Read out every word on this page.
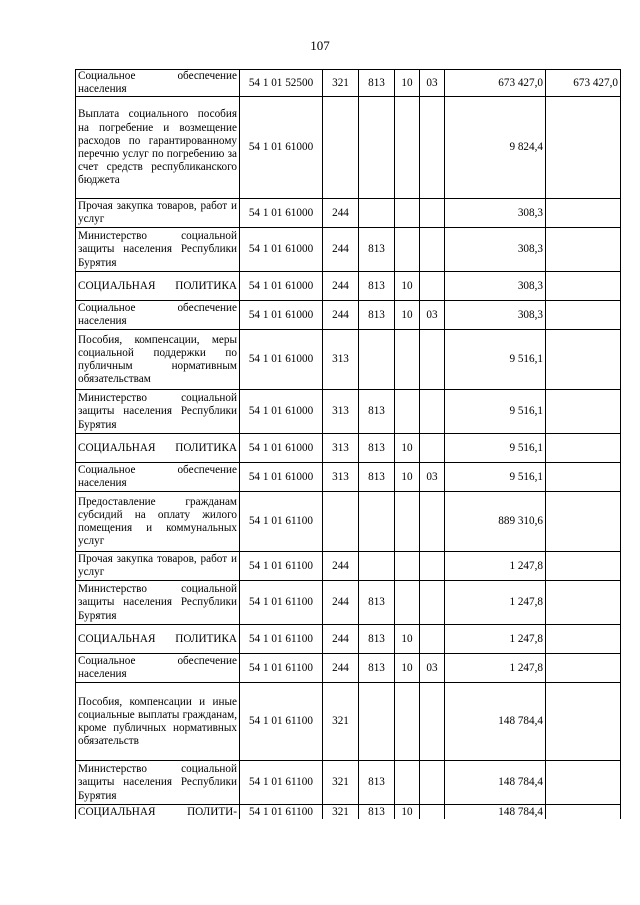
107
Социальное обеспечение населения	54 1 01 52500	321	813	10	03	673 427,0	673 427,0
Выплата социального пособия на погребение и возмещение расходов по гарантированному перечню услуг по погребению за счет средств республиканского бюджета	54 1 01 61000					9 824,4	
Прочая закупка товаров, работ и услуг	54 1 01 61000	244				308,3	
Министерство социальной защиты населения Республики Бурятия	54 1 01 61000	244	813			308,3	
СОЦИАЛЬНАЯ ПОЛИТИКА	54 1 01 61000	244	813	10		308,3	
Социальное обеспечение населения	54 1 01 61000	244	813	10	03	308,3	
Пособия, компенсации, меры социальной поддержки по публичным нормативным обязательствам	54 1 01 61000	313				9 516,1	
Министерство социальной защиты населения Республики Бурятия	54 1 01 61000	313	813			9 516,1	
СОЦИАЛЬНАЯ ПОЛИТИКА	54 1 01 61000	313	813	10		9 516,1	
Социальное обеспечение населения	54 1 01 61000	313	813	10	03	9 516,1	
Предоставление гражданам субсидий на оплату жилого помещения и коммунальных услуг	54 1 01 61100					889 310,6	
Прочая закупка товаров, работ и услуг	54 1 01 61100	244				1 247,8	
Министерство социальной защиты населения Республики Бурятия	54 1 01 61100	244	813			1 247,8	
СОЦИАЛЬНАЯ ПОЛИТИКА	54 1 01 61100	244	813	10		1 247,8	
Социальное обеспечение населения	54 1 01 61100	244	813	10	03	1 247,8	
Пособия, компенсации и иные социальные выплаты гражданам, кроме публичных нормативных обязательств	54 1 01 61100	321				148 784,4	
Министерство социальной защиты населения Республики Бурятия	54 1 01 61100	321	813			148 784,4	
СОЦИАЛЬНАЯ ПОЛИТИ-	54 1 01 61100	321	813	10		148 784,4	
